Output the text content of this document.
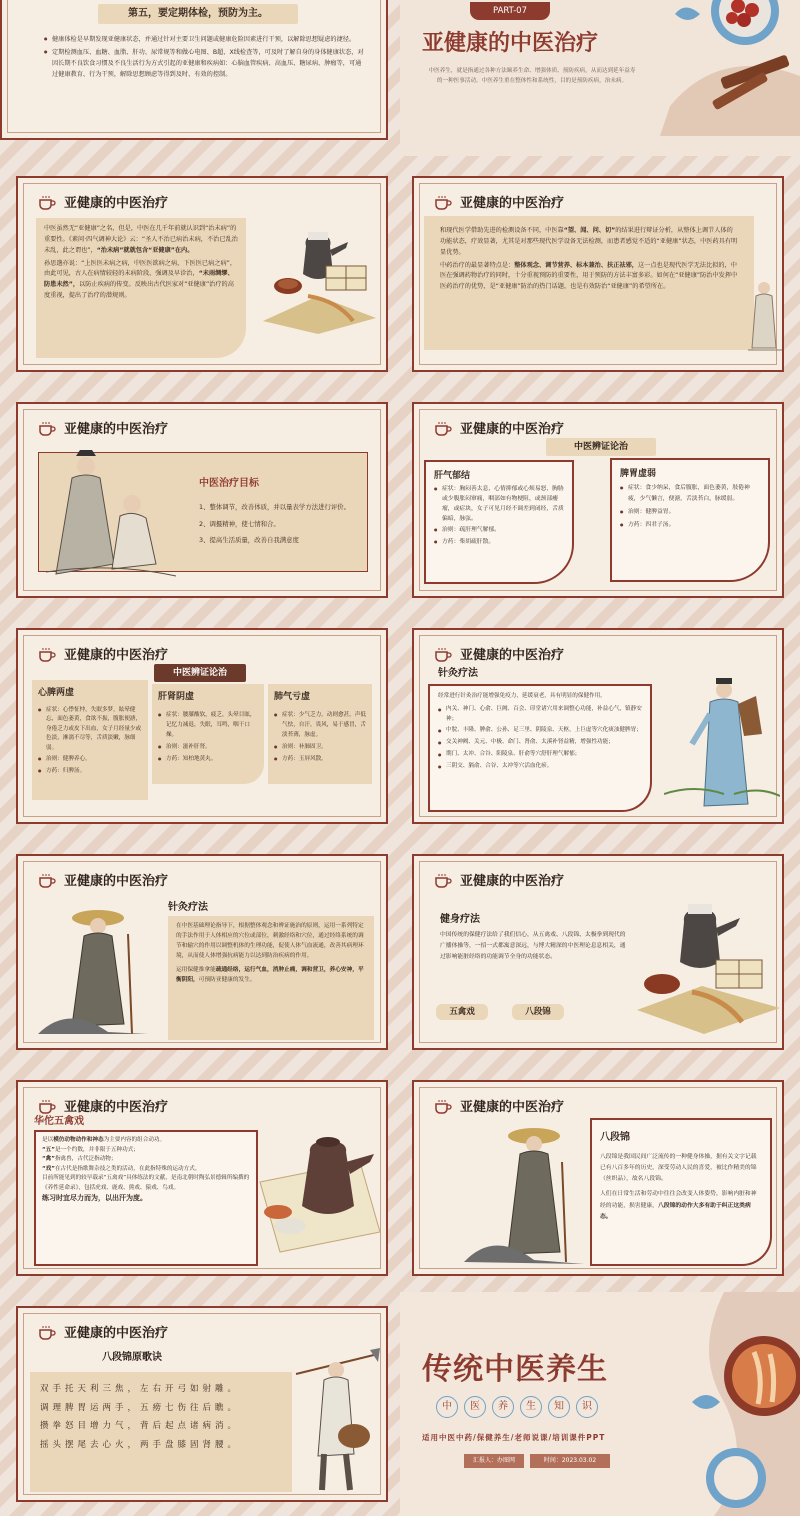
第五，要定期体检，预防为主。
● 健康体检是早期发现亚健康状态，并通过针对主要卫生问题或健康危险因素进行干预，以解除思想疑虑的捷径。
● 定期检测血压、血糖、血脂、肝功、尿常规等和做心电图、B超、X线检查等，可及时了解自身的身体健康状态，对因长期不良饮食习惯及不良生活行为方式引起的亚健康和疾病如：心脑血管疾病、高血压、糖尿病、肿瘤等，可通过健康教育、行为干预，解除思想顾虑等得到及时、有效的控制。
PART-07
亚健康的中医治疗
中医养生，就是指通过各种方法颐养生命、增强体质、预防疾病，从而达到延年益寿的一种医事活动。中医养生重在整体性和系统性，目的是预防疾病，治未病。
亚健康的中医治疗

中医虽然无“亚健康”之名，但是，中医在几千年前就认识到“治未病”的重要性。《素问·四气调神大论》云：“圣人不治已病治未病，不治已乱治未乱，此之谓也”，“治未病”就就包含“亚健康”在内。

孙思邈亦说：“上医医未病之病，中医医欲病之病，下医医已病之病”，由此可见，古人在病情较轻的未病阶段，强调及早诊治，“未雨绸缪、防患未然”，以防止疾病的传变。反映出古代医家对“亚健康”治疗的高度重视，提出了治疗的潜规则。

亚健康的中医治疗

和现代医学借助先进的检测设备不同，中医靠“望、闻、问、切”的结果进行辩证分析，从整体上调节人体的功能状态，疗效显著，尤其是对那些现代医学设备无法检测，而患者感觉不适的“亚健康”状态，中医药具有明显优势。

中药治疗的最显著特点是：整体观念、调节营养、标本兼治、扶正祛邪，这一点也是现代医学无法比拟的，中医在强调药物治疗的同时，十分重视预防的重要性，用于预防的方法丰富多彩。如何在“亚健康”防治中发挥中医药治疗的优势，是“亚健康”防治的热门话题，也是有效防治“亚健康”的希望所在。

亚健康的中医治疗
中医治疗目标
1、整体调节，改善体质，并以量表学方法进行评价。
2、调摄精神，使七情和合。
3、提高生活质量，改善自我满意度
亚健康的中医治疗
中医辨证论治
肝气郁结
● 症状：胸闷善太息，心情抑郁或心烦易怒，胸胁或少腹胀闷窜痛，咽部如有物梗阻，或颈部瘿瘤，或症块，女子可见月经不调差到闭经，舌质偏暗，脉弦。
● 治则：疏肝理气解郁。
● 方药：柴胡疏肝散。
脾胃虚弱
● 症状：食少纳呆，食后腹胀，面色萎黄，肢倦神疲，少气懒言，便溏，舌淡苔白，脉缓弱。
● 治则：健脾益胃。
● 方药：四君子汤。
亚健康的中医治疗
中医辨证论治
心脾两虚
● 症状：心悸怔忡，失眠多梦，眩晕健忘，面色萎黄，食欲不振，腹胀便溏，身倦乏力或皮下出血，女子月经量少或色淡，淋漓不尽等，舌质淡嫩，脉细弱。
● 治则：健脾养心。
● 方药：归脾汤。
肝肾阴虚
● 症状：腰膝酸软，疲乏，头晕目眩，记忆力减退，失眠，耳鸣，咽干口燥。
● 治则：滋补肝肾。
● 方药：知柏地黄丸。
肺气亏虚
● 症状：少气乏力，动则愈甚，声低气怯，自汗，畏风，易于感冒，舌淡苔薄，脉虚。
● 治则：补肺固卫。
● 方药：玉屏风散。
亚健康的中医治疗
针灸疗法
经常进行针灸治疗能增强免疫力，延缓衰老，具有明显的保健作用。
● 内关、神门、心俞、巨阙、百会、印堂诸穴用来调整心功能，补益心气，镇静安神；
● 中脘、丰隆、脾俞、公孙、足三里、阴陵泉、天枢，上巨虚等穴化痰浊健脾胃；
● 交关神阙、关元、中极、命门、肾俞、太溪补肾益精，增强性功能；
● 期门、太冲、合谷、阳陵泉、肝俞等穴舒肝理气解郁；
● 三阴交、膈俞、合谷、太冲等穴活血化瘀。
亚健康的中医治疗
针灸疗法

在中医基础理论指导下，根据整体观念和辨证施治的原则，运用一系列特定的手法作用于人体相应的穴位或部位，刺激经络和穴位，通过经络系统的调节和输穴的作用以调整机体的生理功能，促使人体气血流通，改善其病理环境，从而使人体增强抗病能力以达到防治疾病的作用。

运用保健推拿能疏通经络，运行气血，消肿止痛，调和营卫，养心安神，平衡阴阳，可预防亚健康的发生。

亚健康的中医治疗
健身疗法
中国传统的保健疗法给了我们信心，从五禽戏、八段锦、太极拳到现代的广播体操等，一招一式都寓意深远，与博大精深的中医理论息息相关，通过影响能脏经络的功能调节全身的功能状态。
五禽戏	八段锦
亚健康的中医治疗
华佗五禽戏

是以模仿动物动作和神态为主要内容的组合动功。

“五”是一个约数，并非限于五种功式；

“禽”指禽兽，古代泛指动物；

“戏”在古代是指歌舞杂技之类的活动，在此指特殊的运动方式。

目前所能见到的较早载录“五禽戏”具体练法的文献，是南北朝时陶弘景德辑所编撰的《养性延命录》，包括虎戏、鹿戏、熊戏、猿戏、鸟戏。

练习时宜尽力而为，以出汗为度。

亚健康的中医治疗
八段锦

八段锦是我国民间广泛流传的一种健身体操，据有关文字记载已有八百多年的历史，深受劳动人民的喜爱，被比作精美的锦（丝织品），故名八段锦。

人们在日常生活和劳动中往往会改变人体姿势，影响内脏和神经的功能，损害健康，八段锦的动作大多有助于纠正这类病态。

亚健康的中医治疗
八段锦原歌诀
双手托天利三焦，左右开弓如射雕。
调理脾胃运两手，五痨七伤往后瞧。
攒拳怒目增力气，背后起点诸病消。
摇头摆尾去心火，两手盘膝固肾腰。
传统中医养生
中	医	养	生	知	识
适用中医中药/保健养生/老师说课/培训课件PPT
汇报人：办图网	时间：2023.03.02
